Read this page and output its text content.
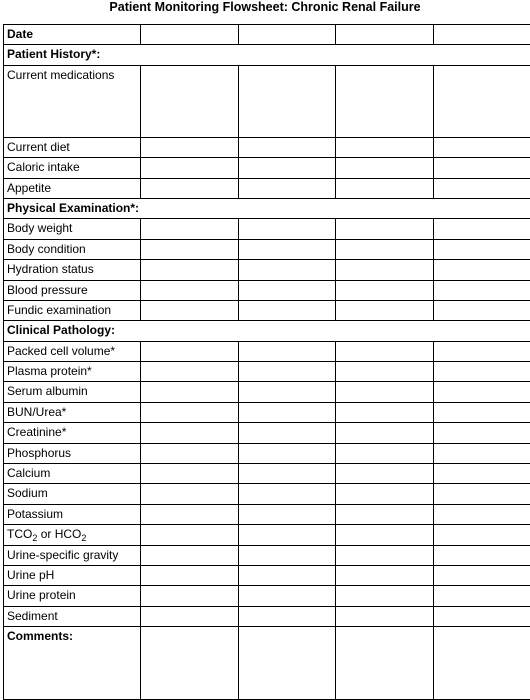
Patient Monitoring Flowsheet: Chronic Renal Failure
Date				
Patient History*:				
Current medications				
Current diet				
Caloric intake				
Appetite				
Physical Examination*:				
Body weight				
Body condition				
Hydration status				
Blood pressure				
Fundic examination				
Clinical Pathology:				
Packed cell volume*				
Plasma protein*				
Serum albumin				
BUN/Urea*				
Creatinine*				
Phosphorus				
Calcium				
Sodium				
Potassium				
$TCO_2$ or $HCO_2$				
Urine-specific gravity				
Urine pH				
Urine protein				
Sediment				
Comments:				
